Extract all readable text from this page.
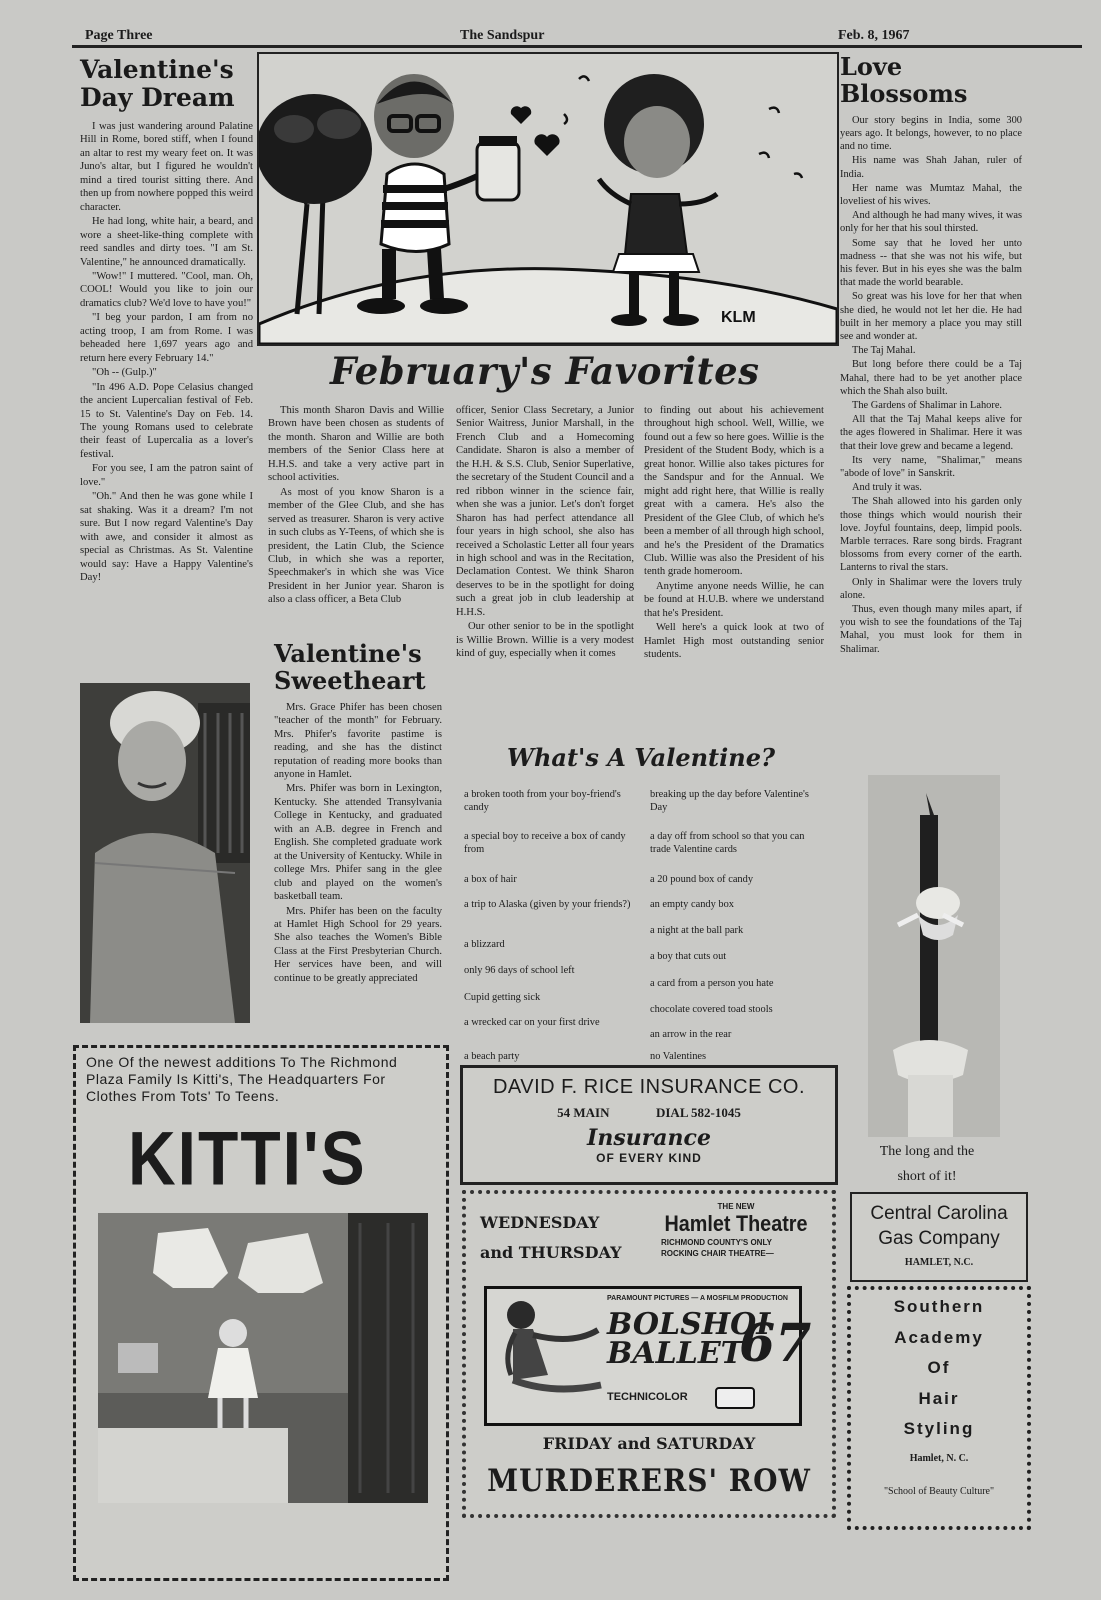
Page Three	The Sandspur	Feb. 8, 1967
Valentine's
Day Dream

I was just wandering around Palatine Hill in Rome, bored stiff, when I found an altar to rest my weary feet on. It was Juno's altar, but I figured he wouldn't mind a tired tourist sitting there. And then up from nowhere popped this weird character.

He had long, white hair, a beard, and wore a sheet-like-thing complete with reed sandles and dirty toes. "I am St. Valentine," he announced dramatically.

"Wow!" I muttered. "Cool, man. Oh, COOL! Would you like to join our dramatics club? We'd love to have you!"

"I beg your pardon, I am from no acting troop, I am from Rome. I was beheaded here 1,697 years ago and return here every February 14."

"Oh -- (Gulp.)"

"In 496 A.D. Pope Celasius changed the ancient Lupercalian festival of Feb. 15 to St. Valentine's Day on Feb. 14. The young Romans used to celebrate their feast of Lupercalia as a lover's festival.

For you see, I am the patron saint of love."

"Oh." And then he was gone while I sat shaking. Was it a dream? I'm not sure. But I now regard Valentine's Day with awe, and consider it almost as special as Christmas. As St. Valentine would say: Have a Happy Valentine's Day!

KLM
February's Favorites

This month Sharon Davis and Willie Brown have been chosen as students of the month. Sharon and Willie are both members of the Senior Class here at H.H.S. and take a very active part in school activities.

As most of you know Sharon is a member of the Glee Club, and she has served as treasurer. Sharon is very active in such clubs as Y-Teens, of which she is president, the Latin Club, the Science Club, in which she was a reporter, Speechmaker's in which she was Vice President in her Junior year. Sharon is also a class officer, a Beta Club

officer, Senior Class Secretary, a Junior Senior Waitress, Junior Marshall, in the French Club and a Homecoming Candidate. Sharon is also a member of the H.H. & S.S. Club, Senior Superlative, the secretary of the Student Council and a red ribbon winner in the science fair, when she was a junior. Let's don't forget Sharon has had perfect attendance all four years in high school, she also has received a Scholastic Letter all four years in high school and was in the Recitation, Declamation Contest. We think Sharon deserves to be in the spotlight for doing such a great job in club leadership at H.H.S.

Our other senior to be in the spotlight is Willie Brown. Willie is a very modest kind of guy, especially when it comes

to finding out about his achievement throughout high school. Well, Willie, we found out a few so here goes. Willie is the President of the Student Body, which is a great honor. Willie also takes pictures for the Sandspur and for the Annual. We might add right here, that Willie is really great with a camera. He's also the President of the Glee Club, of which he's been a member of all through high school, and he's the President of the Dramatics Club. Willie was also the President of his tenth grade homeroom.

Anytime anyone needs Willie, he can be found at H.U.B. where we understand that he's President.

Well here's a quick look at two of Hamlet High most outstanding senior students.

Valentine's
Sweetheart

Mrs. Grace Phifer has been chosen "teacher of the month" for February. Mrs. Phifer's favorite pastime is reading, and she has the distinct reputation of reading more books than anyone in Hamlet.

Mrs. Phifer was born in Lexington, Kentucky. She attended Transylvania College in Kentucky, and graduated with an A.B. degree in French and English. She completed graduate work at the University of Kentucky. While in college Mrs. Phifer sang in the glee club and played on the women's basketball team.

Mrs. Phifer has been on the faculty at Hamlet High School for 29 years. She also teaches the Women's Bible Class at the First Presbyterian Church. Her services have been, and will continue to be greatly appreciated

What's A Valentine?
a broken tooth from your boy-friend's candy
a special boy to receive a box of candy from
a box of hair
a trip to Alaska (given by your friends?)
a blizzard
only 96 days of school left
Cupid getting sick
a wrecked car on your first drive
a beach party
breaking up the day before Valentine's Day
a day off from school so that you can trade Valentine cards
a 20 pound box of candy
an empty candy box
a night at the ball park
a boy that cuts out
a card from a person you hate
chocolate covered toad stools
an arrow in the rear
no Valentines
Love
Blossoms

Our story begins in India, some 300 years ago. It belongs, however, to no place and no time.

His name was Shah Jahan, ruler of India.

Her name was Mumtaz Mahal, the loveliest of his wives.

And although he had many wives, it was only for her that his soul thirsted.

Some say that he loved her unto madness -- that she was not his wife, but his fever. But in his eyes she was the balm that made the world bearable.

So great was his love for her that when she died, he would not let her die. He had built in her memory a place you may still see and wonder at.

The Taj Mahal.

But long before there could be a Taj Mahal, there had to be yet another place which the Shah also built.

The Gardens of Shalimar in Lahore.

All that the Taj Mahal keeps alive for the ages flowered in Shalimar. Here it was that their love grew and became a legend.

Its very name, "Shalimar," means "abode of love" in Sanskrit.

And truly it was.

The Shah allowed into his garden only those things which would nourish their love. Joyful fountains, deep, limpid pools. Marble terraces. Rare song birds. Fragrant blossoms from every corner of the earth. Lanterns to rival the stars.

Only in Shalimar were the lovers truly alone.

Thus, even though many miles apart, if you wish to see the foundations of the Taj Mahal, you must look for them in Shalimar.

The long and the
short of it!
One Of the newest additions To The Richmond Plaza Family Is Kitti's, The Headquarters For Clothes From Tots' To Teens.
KITTI'S
DAVID F. RICE INSURANCE CO.
54 MAIN	DIAL 582-1045
Insurance
OF EVERY KIND
WEDNESDAY
and THURSDAY
THE NEW
Hamlet Theatre
RICHMOND COUNTY'S ONLY
ROCKING CHAIR THEATRE—
PARAMOUNT PICTURES — A MOSFILM PRODUCTION
BOLSHOI
BALLET
67
TECHNICOLOR
FRIDAY and SATURDAY
MURDERERS' ROW
Central Carolina
Gas Company
HAMLET, N.C.
Southern
Academy
Of
Hair
Styling
Hamlet, N. C.
"School of Beauty Culture"
